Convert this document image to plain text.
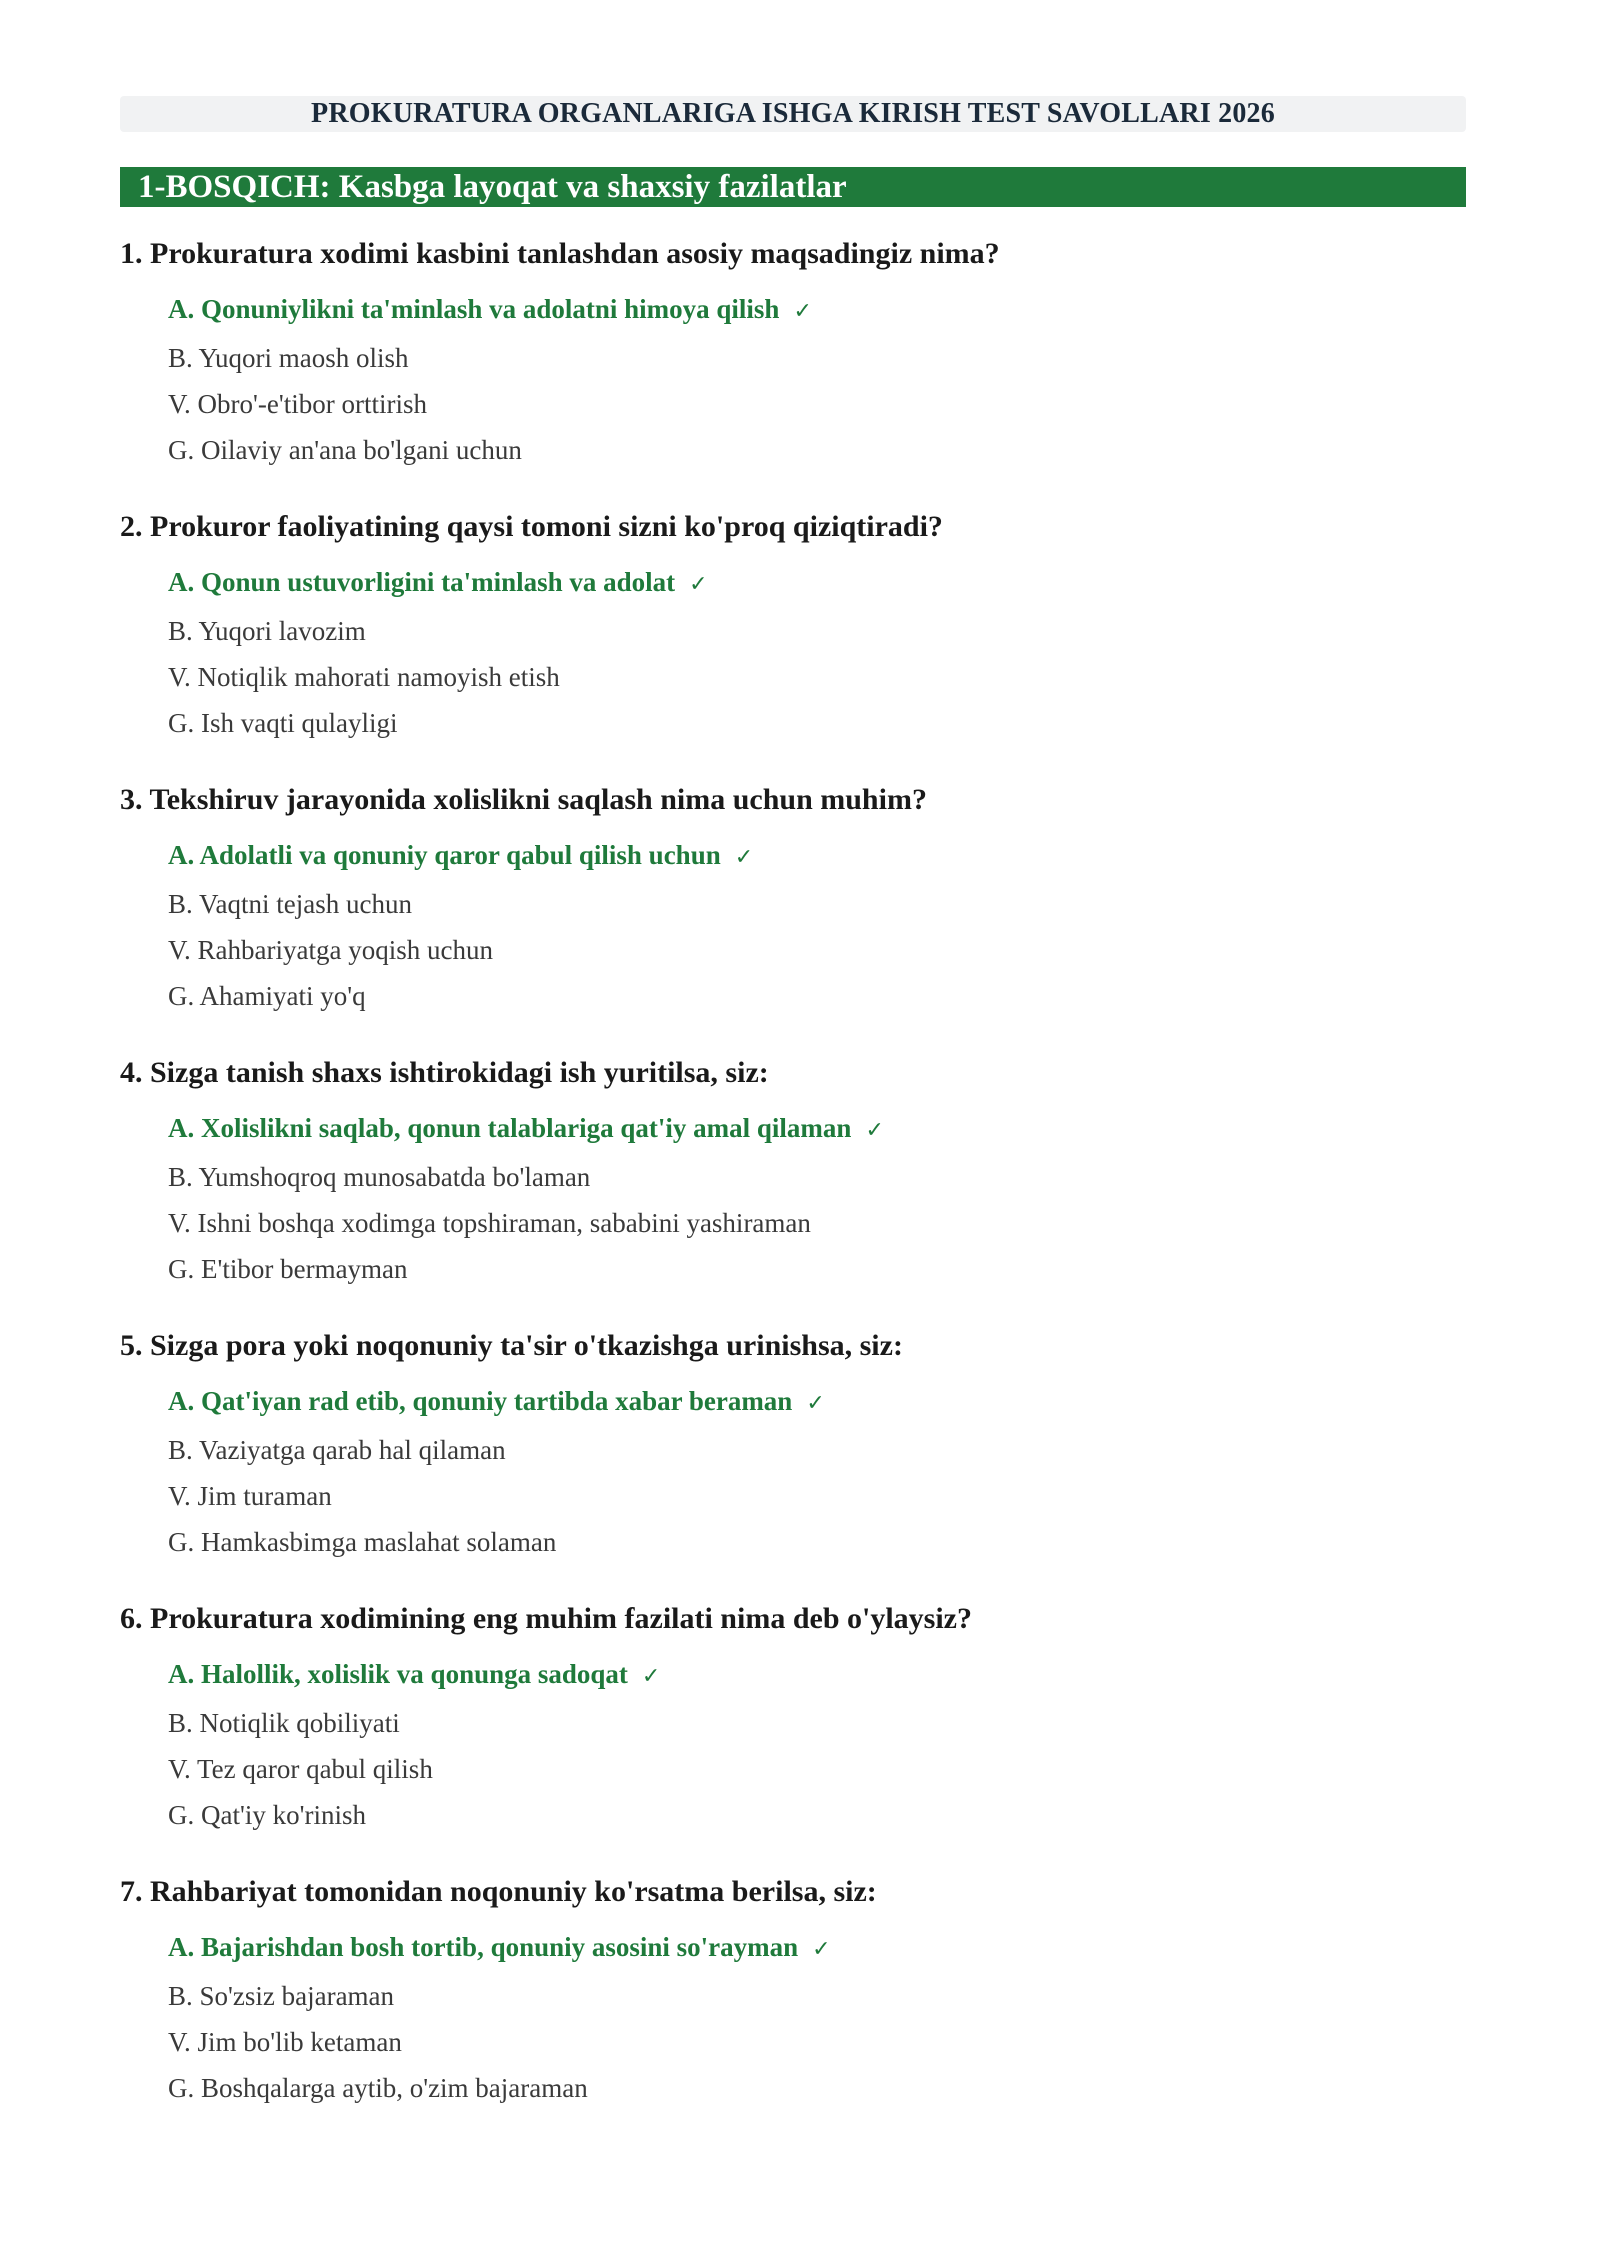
PROKURATURA ORGANLARIGA ISHGA KIRISH TEST SAVOLLARI 2026
1-BOSQICH: Kasbga layoqat va shaxsiy fazilatlar
1. Prokuratura xodimi kasbini tanlashdan asosiy maqsadingiz nima?
A. Qonuniylikni ta'minlash va adolatni himoya qilish ✓
B. Yuqori maosh olish
V. Obro'-e'tibor orttirish
G. Oilaviy an'ana bo'lgani uchun
2. Prokuror faoliyatining qaysi tomoni sizni ko'proq qiziqtiradi?
A. Qonun ustuvorligini ta'minlash va adolat ✓
B. Yuqori lavozim
V. Notiqlik mahorati namoyish etish
G. Ish vaqti qulayligi
3. Tekshiruv jarayonida xolislikni saqlash nima uchun muhim?
A. Adolatli va qonuniy qaror qabul qilish uchun ✓
B. Vaqtni tejash uchun
V. Rahbariyatga yoqish uchun
G. Ahamiyati yo'q
4. Sizga tanish shaxs ishtirokidagi ish yuritilsa, siz:
A. Xolislikni saqlab, qonun talablariga qat'iy amal qilaman ✓
B. Yumshoqroq munosabatda bo'laman
V. Ishni boshqa xodimga topshiraman, sababini yashiraman
G. E'tibor bermayman
5. Sizga pora yoki noqonuniy ta'sir o'tkazishga urinishsa, siz:
A. Qat'iyan rad etib, qonuniy tartibda xabar beraman ✓
B. Vaziyatga qarab hal qilaman
V. Jim turaman
G. Hamkasbimga maslahat solaman
6. Prokuratura xodimining eng muhim fazilati nima deb o'ylaysiz?
A. Halollik, xolislik va qonunga sadoqat ✓
B. Notiqlik qobiliyati
V. Tez qaror qabul qilish
G. Qat'iy ko'rinish
7. Rahbariyat tomonidan noqonuniy ko'rsatma berilsa, siz:
A. Bajarishdan bosh tortib, qonuniy asosini so'rayman ✓
B. So'zsiz bajaraman
V. Jim bo'lib ketaman
G. Boshqalarga aytib, o'zim bajaraman
